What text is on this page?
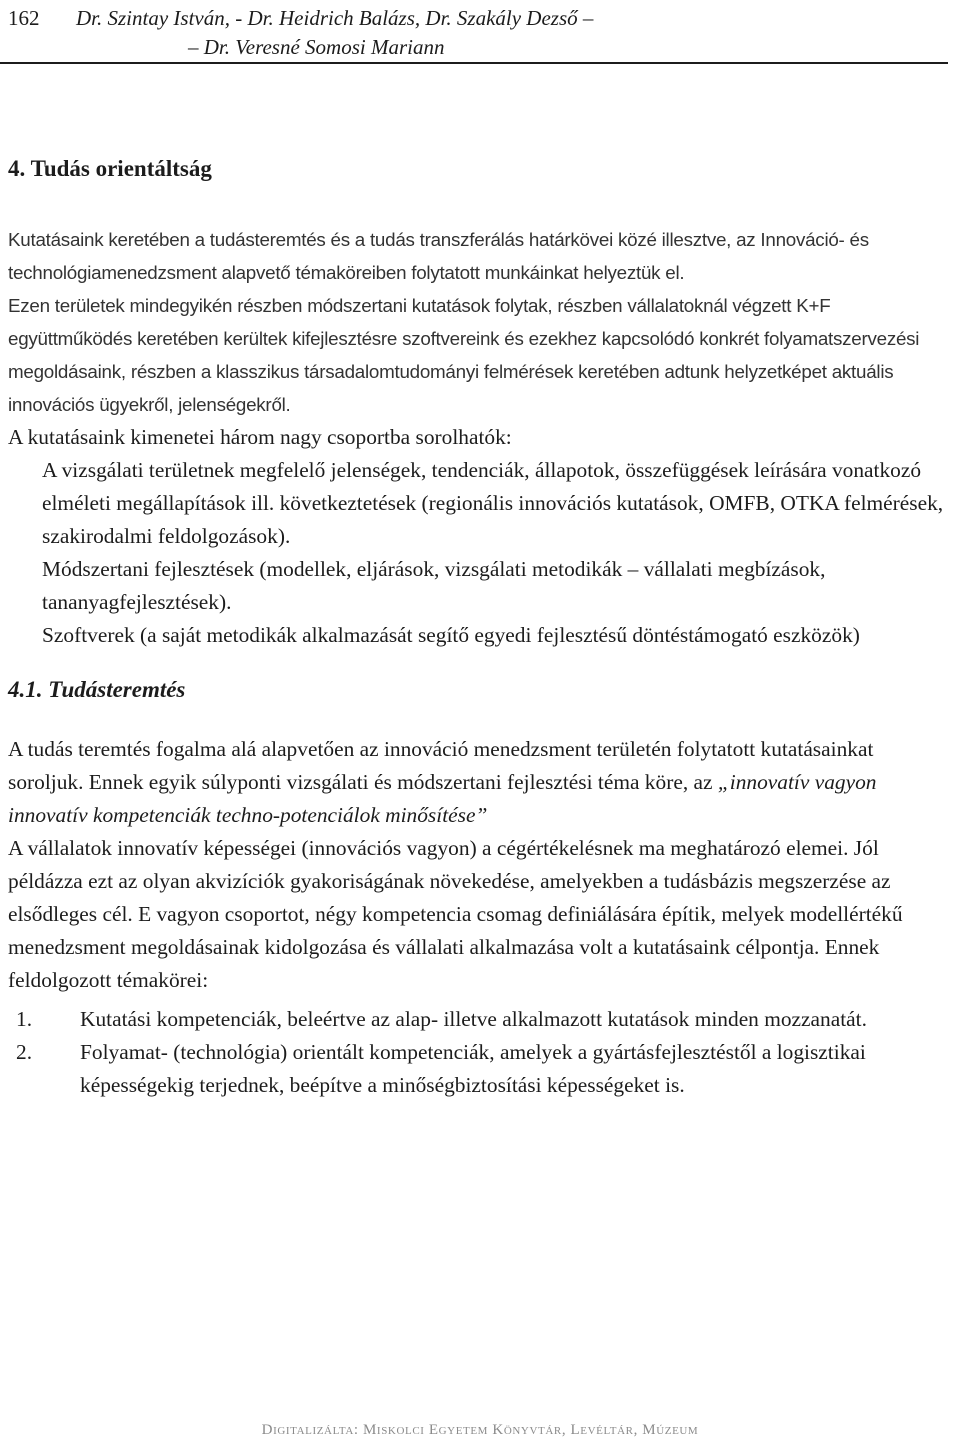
162 Dr. Szintay István, - Dr. Heidrich Balázs, Dr. Szakály Dezső –
– Dr. Veresné Somosi Mariann
4. Tudás orientáltság

Kutatásaink keretében a tudásteremtés és a tudás transzferálás határkövei közé illesztve, az Innováció- és technológiamenedzsment alapvető témaköreiben folytatott munkáinkat helyeztük el.

Ezen területek mindegyikén részben módszertani kutatások folytak, részben vállalatoknál végzett K+F együttműködés keretében kerültek kifejlesztésre szoftvereink és ezekhez kapcsolódó konkrét folyamatszervezési megoldásaink, részben a klasszikus társadalomtudományi felmérések keretében adtunk helyzetképet aktuális innovációs ügyekről, jelenségekről.

A kutatásaink kimenetei három nagy csoportba sorolhatók:

A vizsgálati területnek megfelelő jelenségek, tendenciák, állapotok, összefüggések leírására vonatkozó elméleti megállapítások ill. következtetések (regionális innovációs kutatások, OMFB, OTKA felmérések, szakirodalmi feldolgozások).

Módszertani fejlesztések (modellek, eljárások, vizsgálati metodikák – vállalati megbízások, tananyagfejlesztések).

Szoftverek (a saját metodikák alkalmazását segítő egyedi fejlesztésű döntéstámogató eszközök)

4.1. Tudásteremtés

A tudás teremtés fogalma alá alapvetően az innováció menedzsment területén folytatott kutatásainkat soroljuk. Ennek egyik súlyponti vizsgálati és módszertani fejlesztési téma köre, az „innovatív vagyon innovatív kompetenciák techno-potenciálok minősítése”

A vállalatok innovatív képességei (innovációs vagyon) a cégértékelésnek ma meghatározó elemei. Jól példázza ezt az olyan akvizíciók gyakoriságának növekedése, amelyekben a tudásbázis megszerzése az elsődleges cél. E vagyon csoportot, négy kompetencia csomag definiálására építik, melyek modellértékű menedzsment megoldásainak kidolgozása és vállalati alkalmazása volt a kutatásaink célpontja. Ennek feldolgozott témakörei:

1.	Kutatási kompetenciák, beleértve az alap- illetve alkalmazott kutatások minden mozzanatát.
2.	Folyamat- (technológia) orientált kompetenciák, amelyek a gyártásfejlesztéstől a logisztikai képességekig terjednek, beépítve a minőségbiztosítási képességeket is.
Digitalizálta: Miskolci Egyetem Könyvtár, Levéltár, Múzeum
